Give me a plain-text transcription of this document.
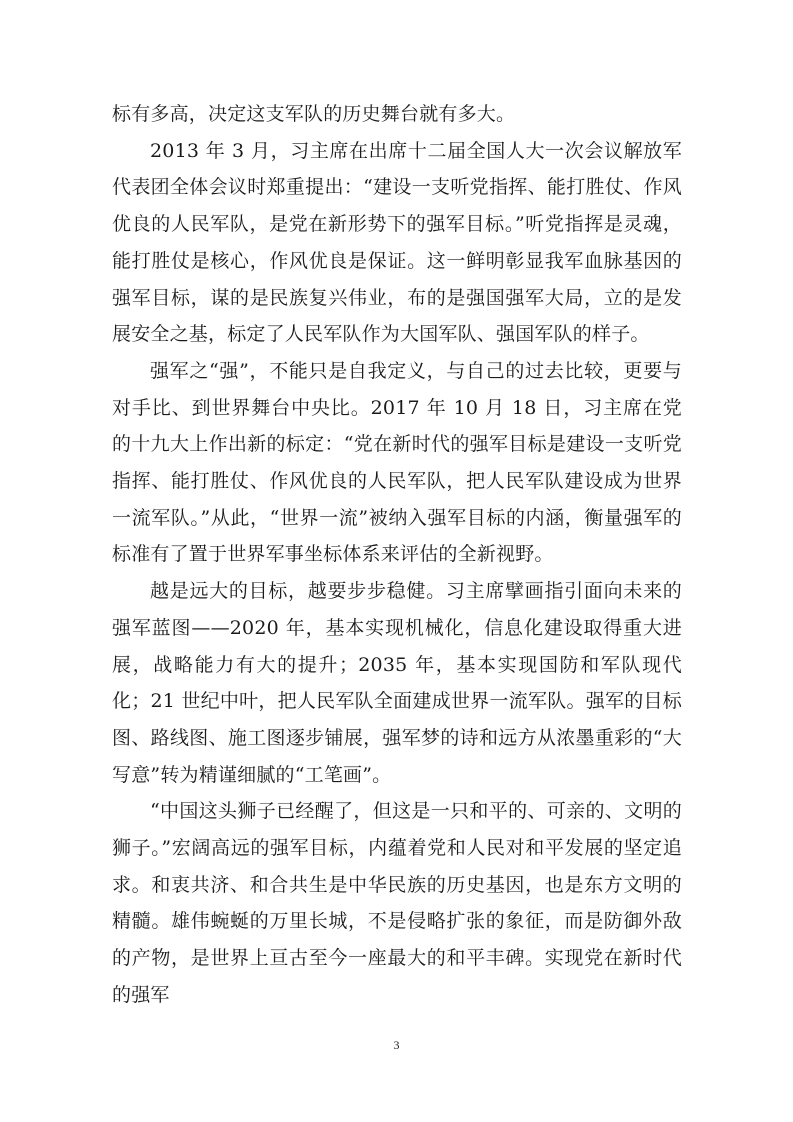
标有多高，决定这支军队的历史舞台就有多大。

2013 年 3 月，习主席在出席十二届全国人大一次会议解放军代表团全体会议时郑重提出：“建设一支听党指挥、能打胜仗、作风优良的人民军队，是党在新形势下的强军目标。”听党指挥是灵魂，能打胜仗是核心，作风优良是保证。这一鲜明彰显我军血脉基因的强军目标，谋的是民族复兴伟业，布的是强国强军大局，立的是发展安全之基，标定了人民军队作为大国军队、强国军队的样子。

强军之“强”，不能只是自我定义，与自己的过去比较，更要与对手比、到世界舞台中央比。2017 年 10 月 18 日，习主席在党的十九大上作出新的标定：“党在新时代的强军目标是建设一支听党指挥、能打胜仗、作风优良的人民军队，把人民军队建设成为世界一流军队。”从此，“世界一流”被纳入强军目标的内涵，衡量强军的标准有了置于世界军事坐标体系来评估的全新视野。

越是远大的目标，越要步步稳健。习主席擘画指引面向未来的强军蓝图——2020 年，基本实现机械化，信息化建设取得重大进展，战略能力有大的提升；2035 年，基本实现国防和军队现代化；21 世纪中叶，把人民军队全面建成世界一流军队。强军的目标图、路线图、施工图逐步铺展，强军梦的诗和远方从浓墨重彩的“大写意”转为精谨细腻的“工笔画”。

“中国这头狮子已经醒了，但这是一只和平的、可亲的、文明的狮子。”宏阔高远的强军目标，内蕴着党和人民对和平发展的坚定追求。和衷共济、和合共生是中华民族的历史基因，也是东方文明的精髓。雄伟蜿蜒的万里长城，不是侵略扩张的象征，而是防御外敌的产物，是世界上亘古至今一座最大的和平丰碑。实现党在新时代的强军

3
